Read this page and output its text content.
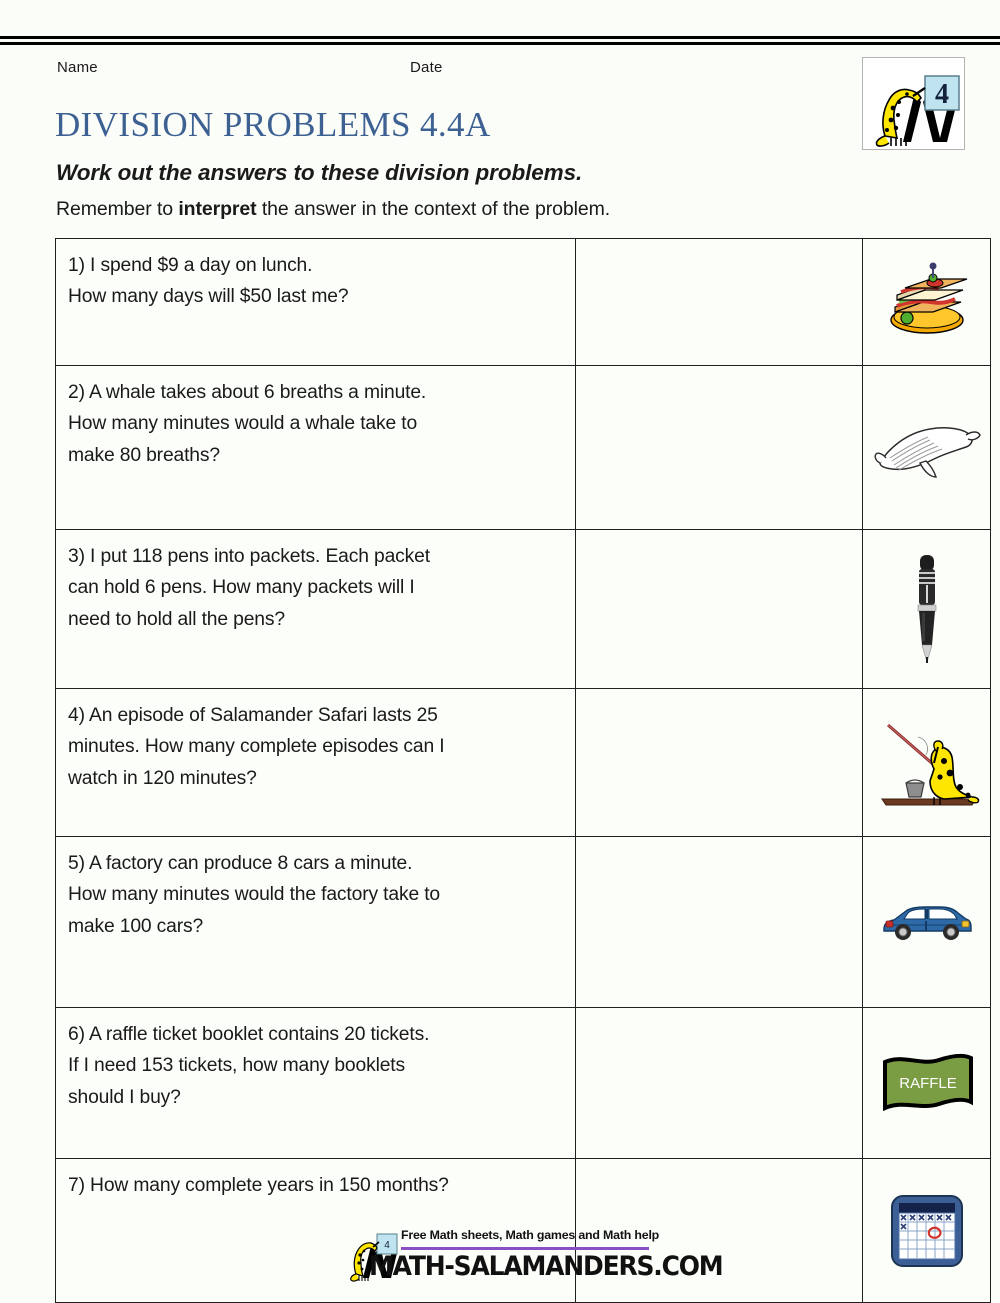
Name	Date
4
DIVISION PROBLEMS 4.4A
Work out the answers to these division problems.
Remember to interpret the answer in the context of the problem.
1) I spend $9 a day on lunch.
How many days will $50 last me?

2) A whale takes about 6 breaths a minute.
How many minutes would a whale take to
make 80 breaths?

3) I put 118 pens into packets. Each packet
can hold 6 pens. How many packets will I
need to hold all the pens?

4) An episode of Salamander Safari lasts 25
minutes. How many complete episodes can I
watch in 120 minutes?

5) A factory can produce 8 cars a minute.
How many minutes would the factory take to
make 100 cars?

6) A raffle ticket booklet contains 20 tickets.
If I need 153 tickets, how many booklets
should I buy?		RAFFLE

7) How many complete years in 150 months?

4
Free Math sheets, Math games and Math help
MATH-SALAMANDERS.COM
